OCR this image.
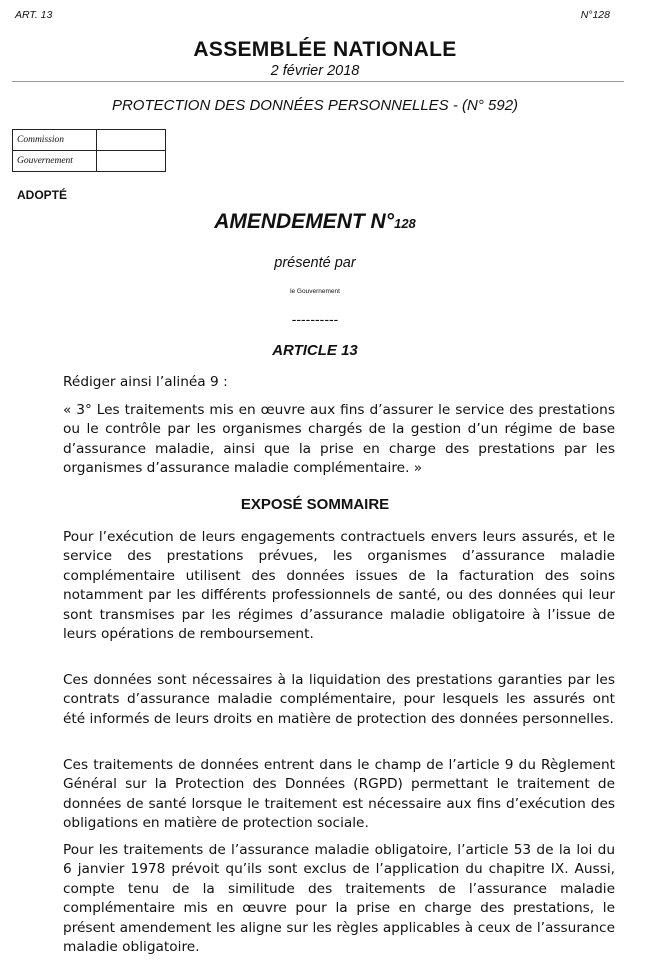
ART. 13	N°128
ASSEMBLÉE NATIONALE
2 février 2018
PROTECTION DES DONNÉES PERSONNELLES - (N° 592)
Commission	
Gouvernement	
ADOPTÉ
AMENDEMENT N°128
présenté par
le Gouvernement
----------
ARTICLE 13
Rédiger ainsi l’alinéa 9 :
« 3° Les traitements mis en œuvre aux fins d’assurer le service des prestations ou le contrôle par les organismes chargés de la gestion d’un régime de base d’assurance maladie, ainsi que la prise en charge des prestations par les organismes d’assurance maladie complémentaire. »
EXPOSÉ SOMMAIRE
Pour l’exécution de leurs engagements contractuels envers leurs assurés, et le service des prestations prévues, les organismes d’assurance maladie complémentaire utilisent des données issues de la facturation des soins notamment par les différents professionnels de santé, ou des données qui leur sont transmises par les régimes d’assurance maladie obligatoire à l’issue de leurs opérations de remboursement.
Ces données sont nécessaires à la liquidation des prestations garanties par les contrats d’assurance maladie complémentaire, pour lesquels les assurés ont été informés de leurs droits en matière de protection des données personnelles.
Ces traitements de données entrent dans le champ de l’article 9 du Règlement Général sur la Protection des Données (RGPD) permettant le traitement de données de santé lorsque le traitement est nécessaire aux fins d’exécution des obligations en matière de protection sociale.
Pour les traitements de l’assurance maladie obligatoire, l’article 53 de la loi du 6 janvier 1978 prévoit qu’ils sont exclus de l’application du chapitre IX. Aussi, compte tenu de la similitude des traitements de l’assurance maladie complémentaire mis en œuvre pour la prise en charge des prestations, le présent amendement les aligne sur les règles applicables à ceux de l’assurance maladie obligatoire.
